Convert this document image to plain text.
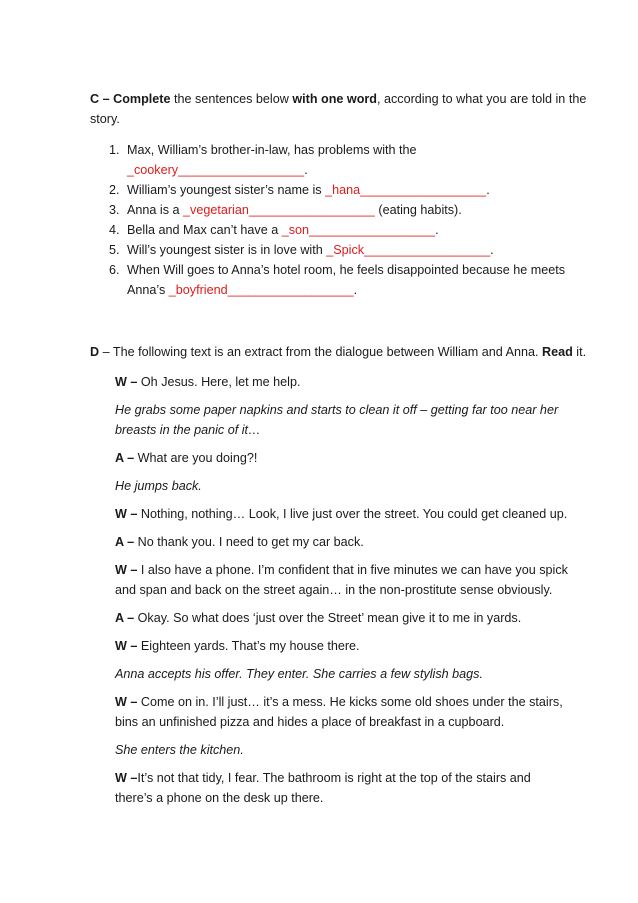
C – Complete the sentences below with one word, according to what you are told in the story.

1. Max, William’s brother-in-law, has problems with the
_cookery__________________.
2. William’s youngest sister’s name is _hana__________________.
3. Anna is a _vegetarian__________________ (eating habits).
4. Bella and Max can’t have a _son__________________.
5. Will’s youngest sister is in love with _Spick__________________.
6. When Will goes to Anna’s hotel room, he feels disappointed because he meets Anna’s _boyfriend__________________.

D – The following text is an extract from the dialogue between William and Anna. Read it.

W – Oh Jesus. Here, let me help.

He grabs some paper napkins and starts to clean it off – getting far too near her breasts in the panic of it…

A – What are you doing?!

He jumps back.

W – Nothing, nothing… Look, I live just over the street. You could get cleaned up.

A – No thank you. I need to get my car back.

W – I also have a phone. I’m confident that in five minutes we can have you spick and span and back on the street again… in the non-prostitute sense obviously.

A – Okay. So what does ‘just over the Street’ mean give it to me in yards.

W – Eighteen yards. That’s my house there.

Anna accepts his offer. They enter. She carries a few stylish bags.

W – Come on in. I’ll just… it’s a mess. He kicks some old shoes under the stairs, bins an unfinished pizza and hides a place of breakfast in a cupboard.

She enters the kitchen.

W –It’s not that tidy, I fear. The bathroom is right at the top of the stairs and there’s a phone on the desk up there.
